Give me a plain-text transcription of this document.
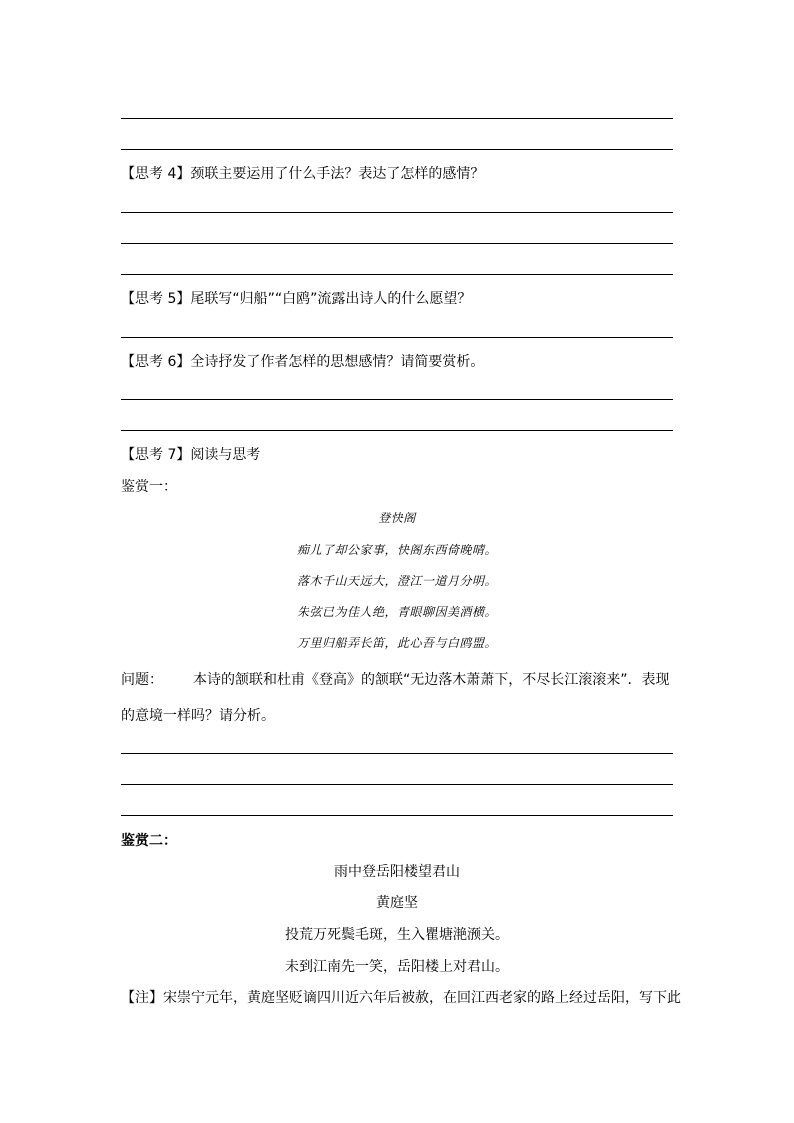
【思考 4】颈联主要运用了什么手法？表达了怎样的感情？
【思考 5】尾联写“归船”“白鸥”流露出诗人的什么愿望？
【思考 6】全诗抒发了作者怎样的思想感情？请简要赏析。
【思考 7】阅读与思考
鉴赏一：
登快阁
痴儿了却公家事，快阁东西倚晚晴。
落木千山天远大，澄江一道月分明。
朱弦已为佳人绝，青眼聊因美酒横。
万里归船弄长笛，此心吾与白鸥盟。
问题： 本诗的颔联和杜甫《登高》的颔联“无边落木萧萧下，不尽长江滚滚来”．表现
的意境一样吗？请分析。
鉴赏二：
雨中登岳阳楼望君山
黄庭坚
投荒万死鬓毛斑，生入瞿塘滟滪关。
未到江南先一笑，岳阳楼上对君山。
【注】宋崇宁元年，黄庭坚贬谪四川近六年后被赦，在回江西老家的路上经过岳阳，写下此
